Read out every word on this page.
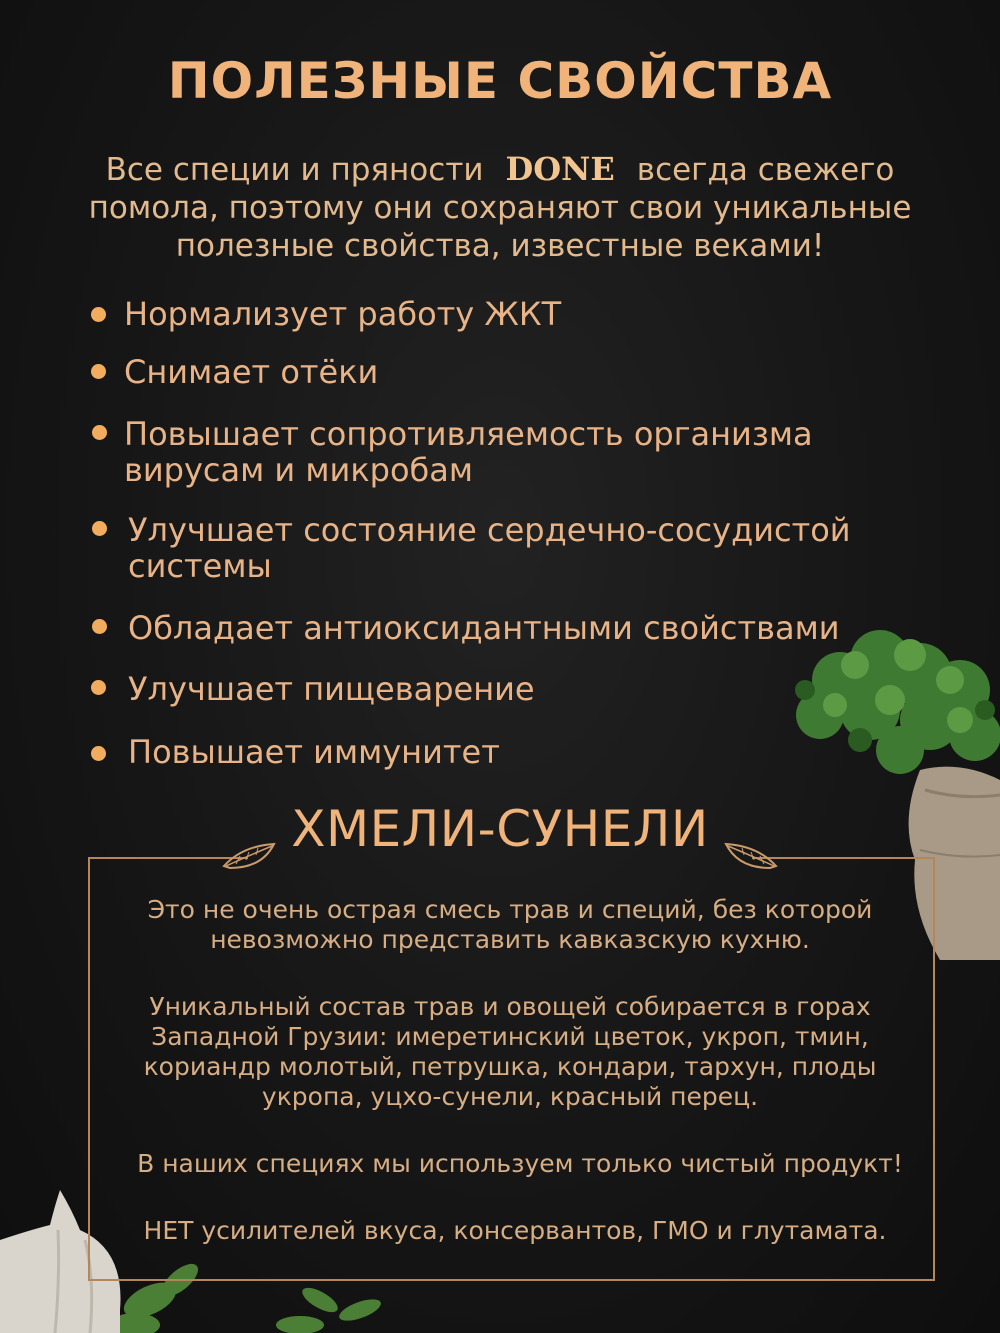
ПОЛЕЗНЫЕ СВОЙСТВА
Все специи и пряности DONE всегда свежего
помола, поэтому они сохраняют свои уникальные
полезные свойства, известные веками!
Нормализует работу ЖКТ
Снимает отёки
Повышает сопротивляемость организма
вирусам и микробам
Улучшает состояние сердечно-сосудистой
системы
Обладает антиоксидантными свойствами
Улучшает пищеварение
Повышает иммунитет
ХМЕЛИ-СУНЕЛИ
Это не очень острая смесь трав и специй, без которой
невозможно представить кавказскую кухню.
Уникальный состав трав и овощей собирается в горах
Западной Грузии: имеретинский цветок, укроп, тмин,
кориандр молотый, петрушка, кондари, тархун, плоды
укропа, уцхо-сунели, красный перец.
В наших специях мы используем только чистый продукт!
НЕТ усилителей вкуса, консервантов, ГМО и глутамата.
